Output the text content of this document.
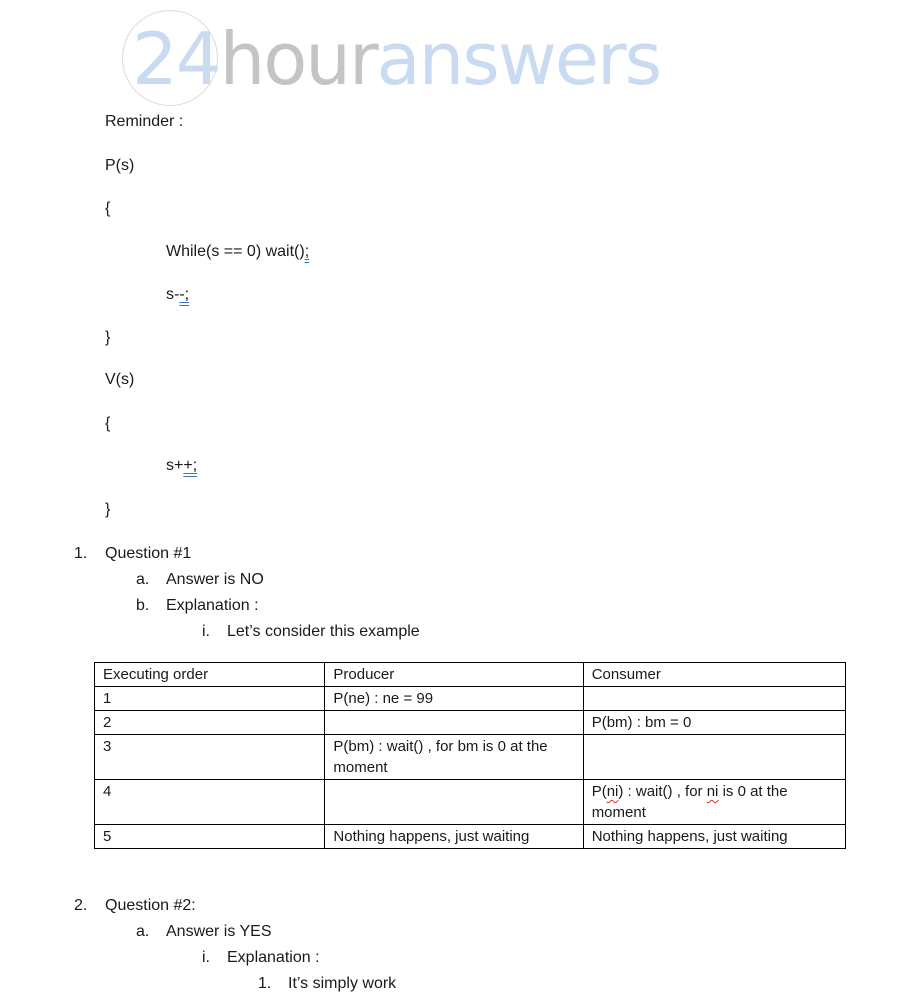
24houranswers
Reminder :
P(s)
{
While(s == 0) wait();
s--;
}
V(s)
{
s++;
}
1. Question #1
a. Answer is NO
b. Explanation :
i. Let’s consider this example
Executing order	Producer	Consumer
1	P(ne) : ne = 99	
2		P(bm) : bm = 0
3	P(bm) : wait() , for bm is 0 at the moment	
4		P(ni) : wait() , for ni is 0 at the moment
5	Nothing happens, just waiting	Nothing happens, just waiting
2. Question #2:
a. Answer is YES
i. Explanation :
1. It’s simply work
